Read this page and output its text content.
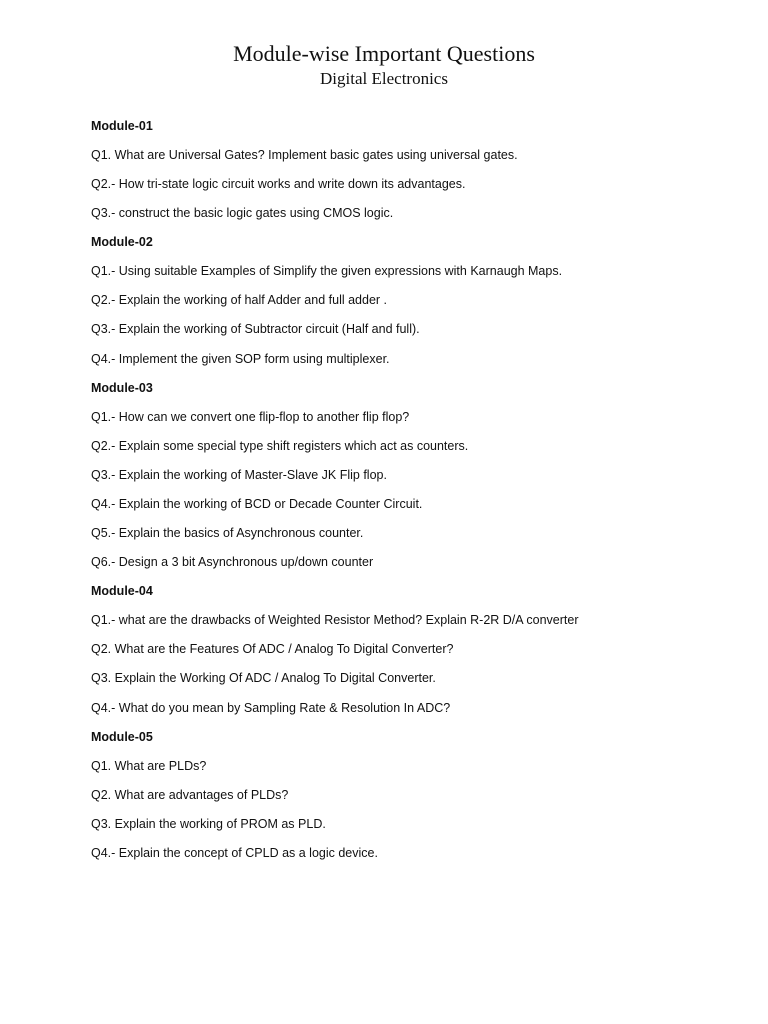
Module-wise Important Questions
Digital Electronics
Module-01
Q1. What are Universal Gates? Implement basic gates using universal gates.
Q2.- How tri-state logic circuit works and write down its advantages.
Q3.- construct the basic logic gates using CMOS logic.
Module-02
Q1.- Using suitable Examples of Simplify the given expressions with Karnaugh Maps.
Q2.- Explain the working of half Adder and full adder .
Q3.- Explain the working of Subtractor circuit (Half and full).
Q4.- Implement the given SOP form using multiplexer.
Module-03
Q1.- How can we convert one flip-flop to another flip flop?
Q2.- Explain some special type shift registers which act as counters.
Q3.- Explain the working of Master-Slave JK Flip flop.
Q4.- Explain the working of BCD or Decade Counter Circuit.
Q5.- Explain the basics of Asynchronous counter.
Q6.- Design a 3 bit Asynchronous up/down counter
Module-04
Q1.- what are the drawbacks of Weighted Resistor Method? Explain R-2R D/A converter
Q2. What are the Features Of ADC / Analog To Digital Converter?
Q3. Explain the Working Of ADC / Analog To Digital Converter.
Q4.- What do you mean by Sampling Rate & Resolution In ADC?
Module-05
Q1. What are PLDs?
Q2. What are advantages of PLDs?
Q3. Explain the working of PROM as PLD.
Q4.- Explain the concept of CPLD as a logic device.
